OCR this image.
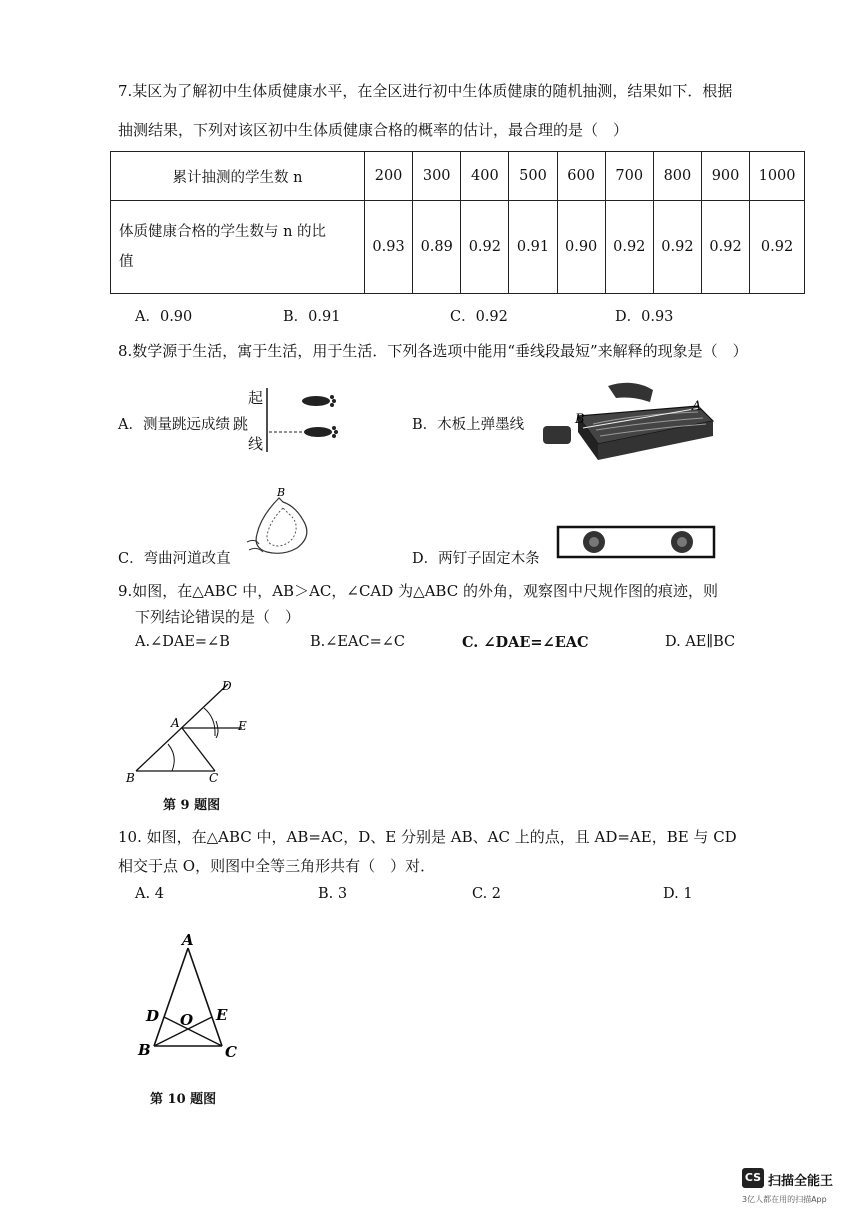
7.某区为了解初中生体质健康水平，在全区进行初中生体质健康的随机抽测，结果如下．根据
抽测结果，下列对该区初中生体质健康合格的概率的估计，最合理的是（　）
累计抽测的学生数 n	200	300	400	500	600	700	800	900	1000
体质健康合格的学生数与 n 的比
值	0.93	0.89	0.92	0.91	0.90	0.92	0.92	0.92	0.92
A．0.90	B．0.91	C．0.92	D．0.93
8.数学源于生活，寓于生活，用于生活．下列各选项中能用“垂线段最短”来解释的现象是（　）
A．测量跳远成绩
起
跳
线
B．木板上弹墨线	B
A
C．弯曲河道改直
B
D．两钉子固定木条
9.如图，在△ABC 中，AB＞AC，∠CAD 为△ABC 的外角，观察图中尺规作图的痕迹，则
下列结论错误的是（　）
A.∠DAE=∠B	B.∠EAC=∠C	C. ∠DAE=∠EAC	D. AE∥BC
D
A	E
B	C
第 9 题图
10. 如图，在△ABC 中，AB=AC，D、E 分别是 AB、AC 上的点，且 AD=AE，BE 与 CD
相交于点 O，则图中全等三角形共有（　）对．
A. 4	B. 3	C. 2	D. 1
A
D O E
B	C
第 10 题图
CS 扫描全能王
3亿人都在用的扫描App
